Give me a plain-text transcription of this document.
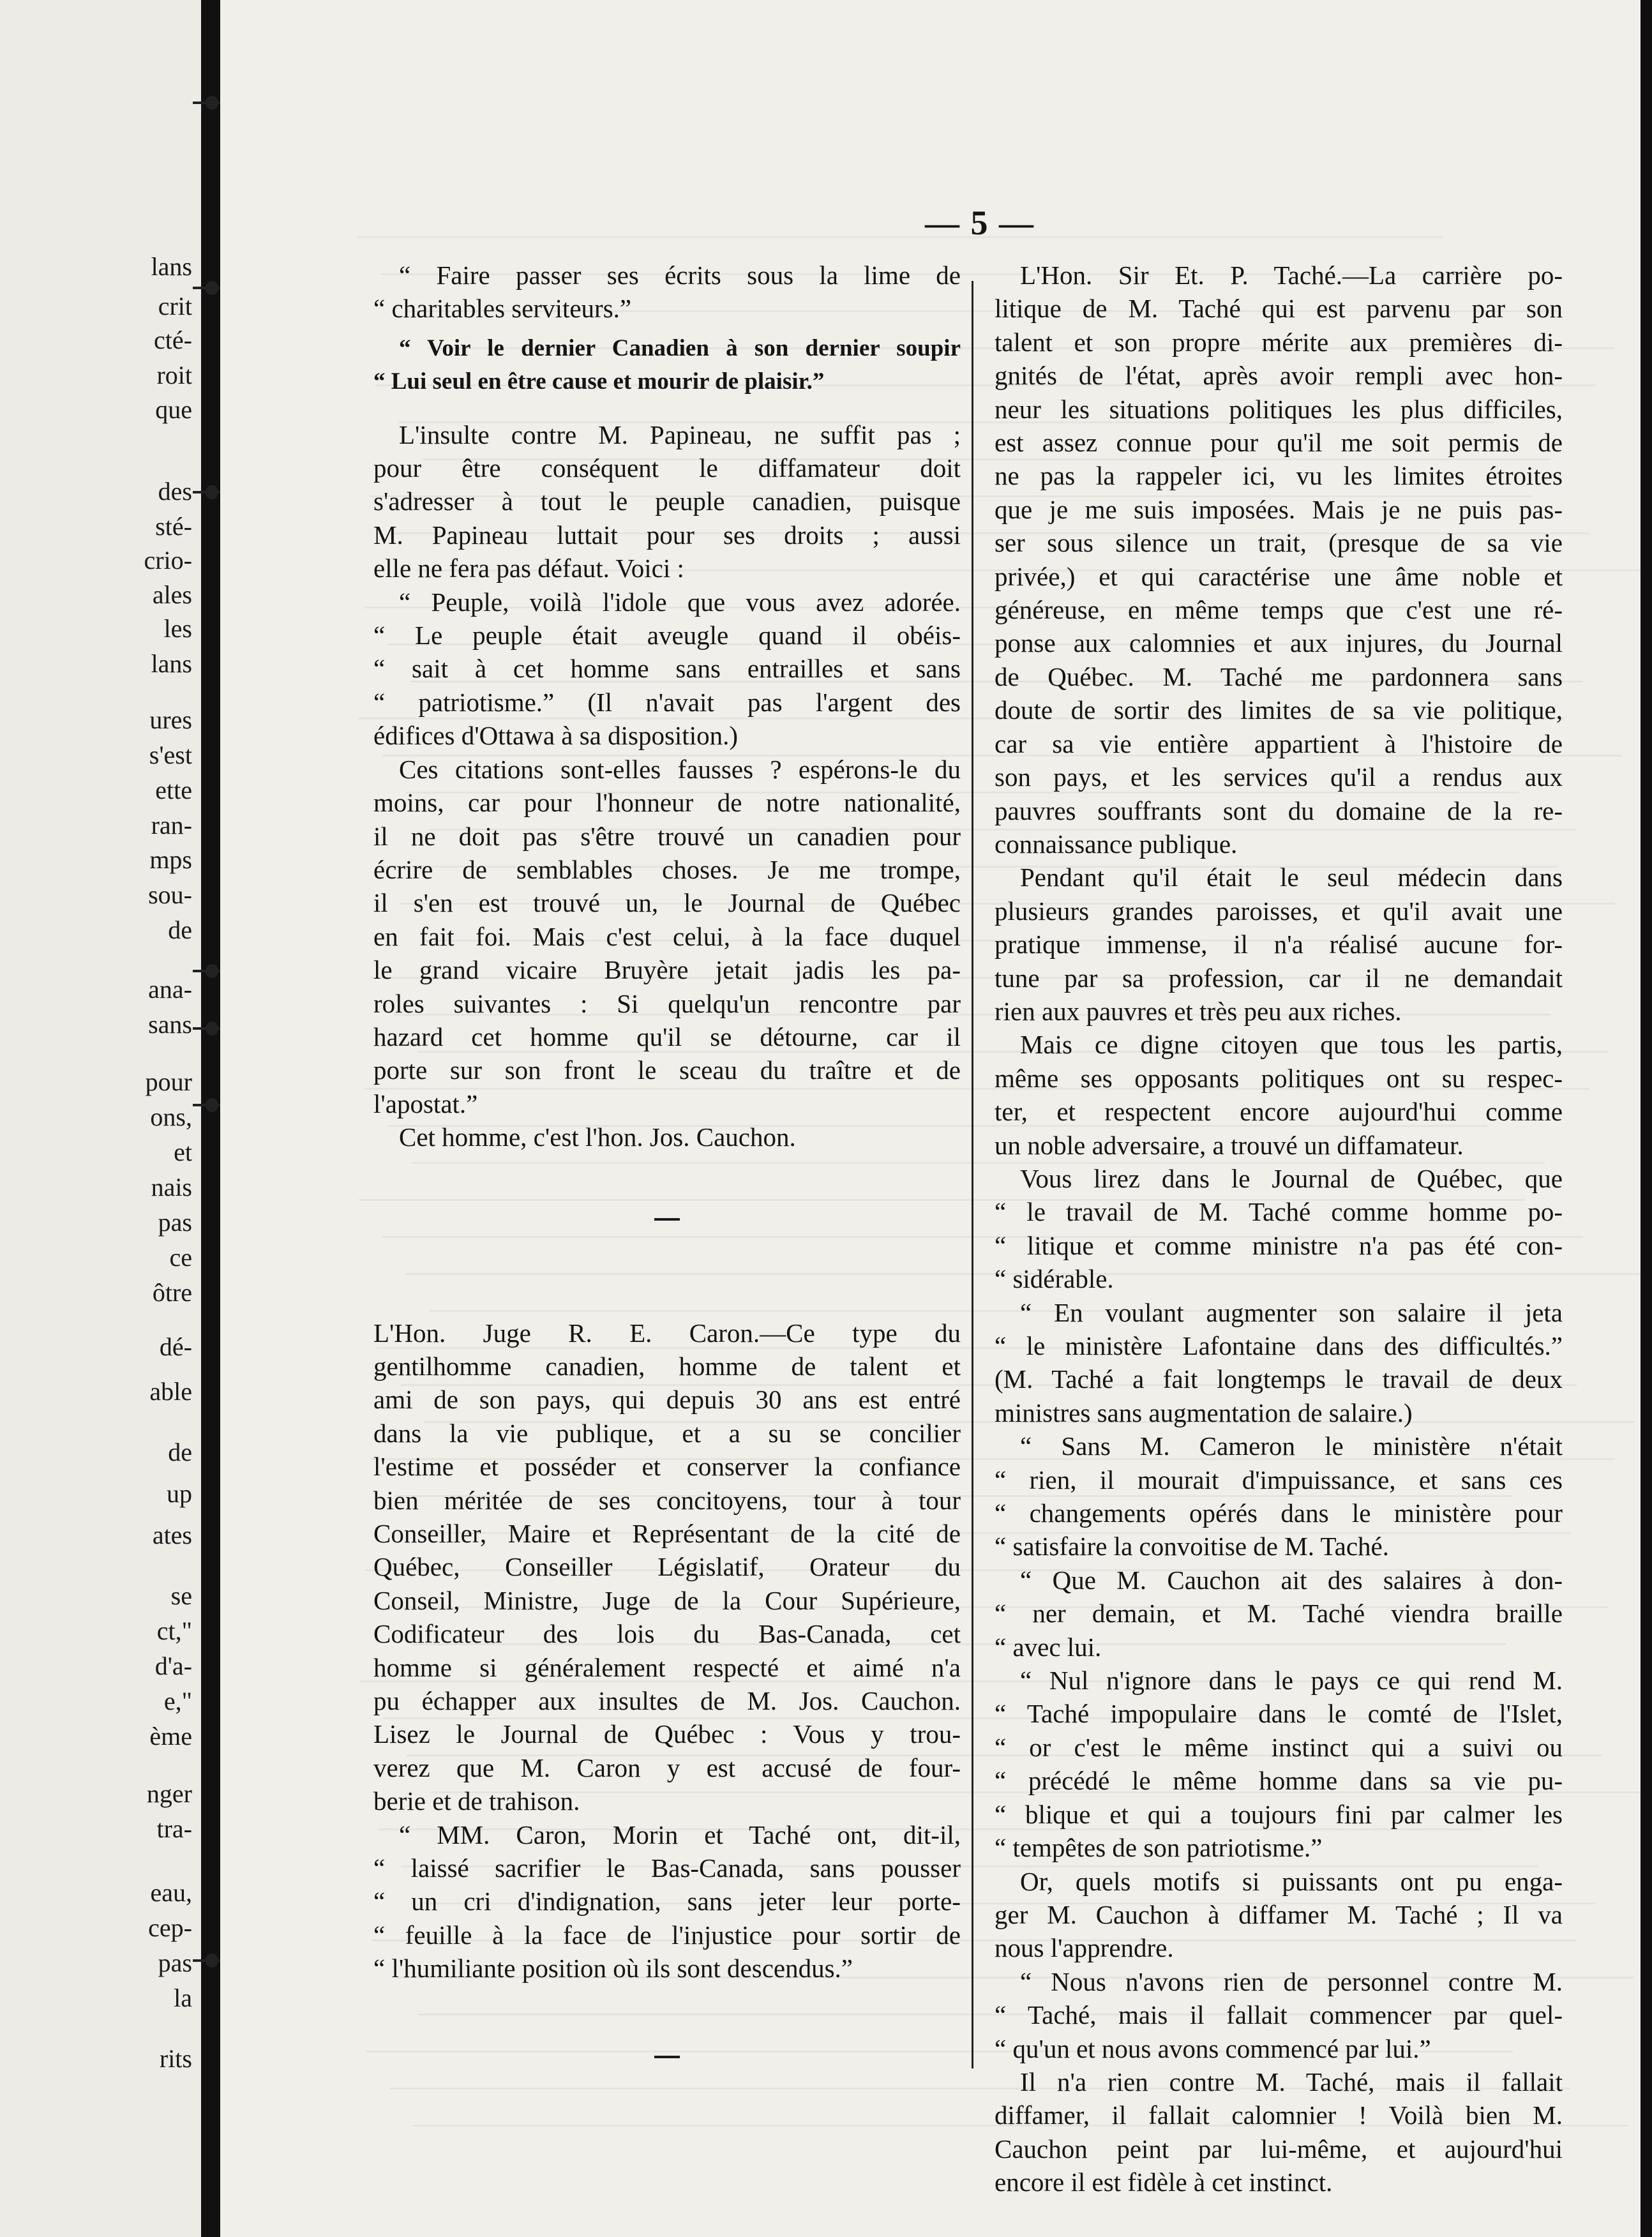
lans
crit
cté-
roit
que
des
sté-
crio-
ales
les
lans
ures
s'est
ette
ran-
mps
sou-
de
ana-
sans
pour
ons,
et
nais
pas
ce
ôtre
dé-
able
de
up
ates
se
ct,"
d'a-
e,"
ème
nger
tra-
eau,
cep-
pas
la
rits
— 5 —
“ Faire passer ses écrits sous la lime de
“ charitables serviteurs.”
“ Voir le dernier Canadien à son dernier soupir
“ Lui seul en être cause et mourir de plaisir.”
L'insulte contre M. Papineau, ne suffit pas ;
pour être conséquent le diffamateur doit
s'adresser à tout le peuple canadien, puisque
M. Papineau luttait pour ses droits ; aussi
elle ne fera pas défaut. Voici :
“ Peuple, voilà l'idole que vous avez adorée.
“ Le peuple était aveugle quand il obéis-
“ sait à cet homme sans entrailles et sans
“ patriotisme.” (Il n'avait pas l'argent des
édifices d'Ottawa à sa disposition.)
Ces citations sont-elles fausses ? espérons-le du
moins, car pour l'honneur de notre nationalité,
il ne doit pas s'être trouvé un canadien pour
écrire de semblables choses. Je me trompe,
il s'en est trouvé un, le Journal de Québec
en fait foi. Mais c'est celui, à la face duquel
le grand vicaire Bruyère jetait jadis les pa-
roles suivantes : Si quelqu'un rencontre par
hazard cet homme qu'il se détourne, car il
porte sur son front le sceau du traître et de
l'apostat.”
Cet homme, c'est l'hon. Jos. Cauchon.
L'Hon. Juge R. E. Caron.—Ce type du
gentilhomme canadien, homme de talent et
ami de son pays, qui depuis 30 ans est entré
dans la vie publique, et a su se concilier
l'estime et posséder et conserver la confiance
bien méritée de ses concitoyens, tour à tour
Conseiller, Maire et Représentant de la cité de
Québec, Conseiller Législatif, Orateur du
Conseil, Ministre, Juge de la Cour Supérieure,
Codificateur des lois du Bas-Canada, cet
homme si généralement respecté et aimé n'a
pu échapper aux insultes de M. Jos. Cauchon.
Lisez le Journal de Québec : Vous y trou-
verez que M. Caron y est accusé de four-
berie et de trahison.
“ MM. Caron, Morin et Taché ont, dit-il,
“ laissé sacrifier le Bas-Canada, sans pousser
“ un cri d'indignation, sans jeter leur porte-
“ feuille à la face de l'injustice pour sortir de
“ l'humiliante position où ils sont descendus.”
L'Hon. Sir Et. P. Taché.—La carrière po-
litique de M. Taché qui est parvenu par son
talent et son propre mérite aux premières di-
gnités de l'état, après avoir rempli avec hon-
neur les situations politiques les plus difficiles,
est assez connue pour qu'il me soit permis de
ne pas la rappeler ici, vu les limites étroites
que je me suis imposées. Mais je ne puis pas-
ser sous silence un trait, (presque de sa vie
privée,) et qui caractérise une âme noble et
généreuse, en même temps que c'est une ré-
ponse aux calomnies et aux injures, du Journal
de Québec. M. Taché me pardonnera sans
doute de sortir des limites de sa vie politique,
car sa vie entière appartient à l'histoire de
son pays, et les services qu'il a rendus aux
pauvres souffrants sont du domaine de la re-
connaissance publique.
Pendant qu'il était le seul médecin dans
plusieurs grandes paroisses, et qu'il avait une
pratique immense, il n'a réalisé aucune for-
tune par sa profession, car il ne demandait
rien aux pauvres et très peu aux riches.
Mais ce digne citoyen que tous les partis,
même ses opposants politiques ont su respec-
ter, et respectent encore aujourd'hui comme
un noble adversaire, a trouvé un diffamateur.
Vous lirez dans le Journal de Québec, que
“ le travail de M. Taché comme homme po-
“ litique et comme ministre n'a pas été con-
“ sidérable.
“ En voulant augmenter son salaire il jeta
“ le ministère Lafontaine dans des difficultés.”
(M. Taché a fait longtemps le travail de deux
ministres sans augmentation de salaire.)
“ Sans M. Cameron le ministère n'était
“ rien, il mourait d'impuissance, et sans ces
“ changements opérés dans le ministère pour
“ satisfaire la convoitise de M. Taché.
“ Que M. Cauchon ait des salaires à don-
“ ner demain, et M. Taché viendra braille
“ avec lui.
“ Nul n'ignore dans le pays ce qui rend M.
“ Taché impopulaire dans le comté de l'Islet,
“ or c'est le même instinct qui a suivi ou
“ précédé le même homme dans sa vie pu-
“ blique et qui a toujours fini par calmer les
“ tempêtes de son patriotisme.”
Or, quels motifs si puissants ont pu enga-
ger M. Cauchon à diffamer M. Taché ; Il va
nous l'apprendre.
“ Nous n'avons rien de personnel contre M.
“ Taché, mais il fallait commencer par quel-
“ qu'un et nous avons commencé par lui.”
Il n'a rien contre M. Taché, mais il fallait
diffamer, il fallait calomnier ! Voilà bien M.
Cauchon peint par lui-même, et aujourd'hui
encore il est fidèle à cet instinct.
